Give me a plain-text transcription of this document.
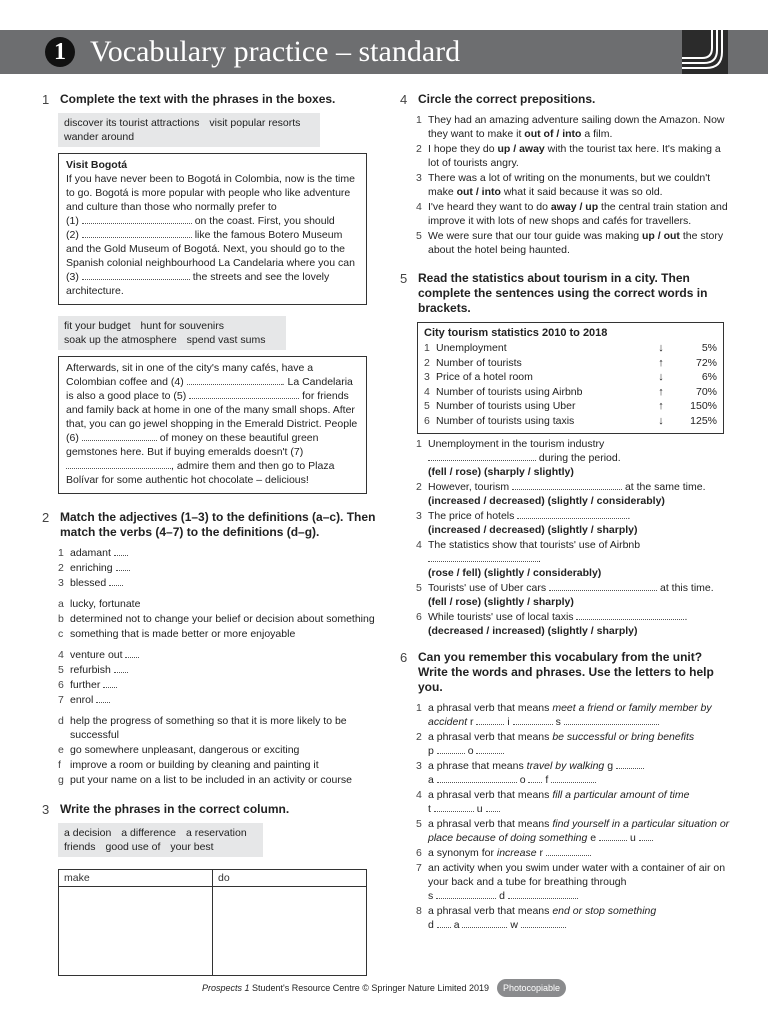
1 Vocabulary practice – standard
1 Complete the text with the phrases in the boxes.
discover its tourist attractions visit popular resorts
wander around
Visit Bogotá
If you have never been to Bogotá in Colombia, now is the time to go. Bogotá is more popular with people who like adventure and culture than those who normally prefer to
(1)	on the coast. First, you should
(2)	like the famous Botero Museum and the Gold Museum of Bogotá. Next, you should go to the Spanish colonial neighbourhood La Candelaria where you can (3)	the streets and see the lovely architecture.
fit your budget hunt for souvenirs
soak up the atmosphere spend vast sums
Afterwards, sit in one of the city's many cafés, have a Colombian coffee and (4)	. La Candelaria is also a good place to (5)	for friends and family back at home in one of the many small shops. After that, you can go jewel shopping in the Emerald District. People (6)	of money on these beautiful green gemstones here. But if buying emeralds doesn't (7) , admire them and then go to Plaza Bolívar for some authentic hot chocolate – delicious!
2 Match the adjectives (1–3) to the definitions (a–c). Then match the verbs (4–7) to the definitions (d–g).
1 adamant
2 enriching
3 blessed
a lucky, fortunate
b determined not to change your belief or decision about something
c something that is made better or more enjoyable
4 venture out
5 refurbish
6 further
7 enrol
d help the progress of something so that it is more likely to be successful
e go somewhere unpleasant, dangerous or exciting
f improve a room or building by cleaning and painting it
g put your name on a list to be included in an activity or course
3 Write the phrases in the correct column.
a decision a difference a reservation
friends good use of your best
make	do

4 Circle the correct prepositions.
1 They had an amazing adventure sailing down the Amazon. Now they want to make it out of / into a film.
2 I hope they do up / away with the tourist tax here. It's making a lot of tourists angry.
3 There was a lot of writing on the monuments, but we couldn't make out / into what it said because it was so old.
4 I've heard they want to do away / up the central train station and improve it with lots of new shops and cafés for travellers.
5 We were sure that our tour guide was making up / out the story about the hotel being haunted.
5 Read the statistics about tourism in a city. Then complete the sentences using the correct words in brackets.
City tourism statistics 2010 to 2018
1 Unemployment	↓	5%
2 Number of tourists	↑	72%
3 Price of a hotel room	↓	6%
4 Number of tourists using Airbnb	↑	70%
5 Number of tourists using Uber	↑	150%
6 Number of tourists using taxis	↓	125%
1 Unemployment in the tourism industry
during the period.
(fell / rose) (sharply / slightly)
2 However, tourism	at the same time.
(increased / decreased) (slightly / considerably)
3 The price of hotels	.
(increased / decreased) (slightly / sharply)
4 The statistics show that tourists' use of Airbnb
.
(rose / fell) (slightly / considerably)
5 Tourists' use of Uber cars	at this time.
(fell / rose) (slightly / sharply)
6 While tourists' use of local taxis	.
(decreased / increased) (slightly / sharply)
6 Can you remember this vocabulary from the unit? Write the words and phrases. Use the letters to help you.
1 a phrasal verb that means meet a friend or family member by accident r	i	s
2 a phrasal verb that means be successful or bring benefits
p	o
3 a phrase that means travel by walking g
a	o f
4 a phrasal verb that means fill a particular amount of time
t	u
5 a phrasal verb that means find yourself in a particular situation or place because of doing something e	u
6 a synonym for increase r
7 an activity when you swim under water with a container of air on your back and a tube for breathing through
s	d
8 a phrasal verb that means end or stop something
d a	w
Prospects 1 Student's Resource Centre © Springer Nature Limited 2019 Photocopiable
